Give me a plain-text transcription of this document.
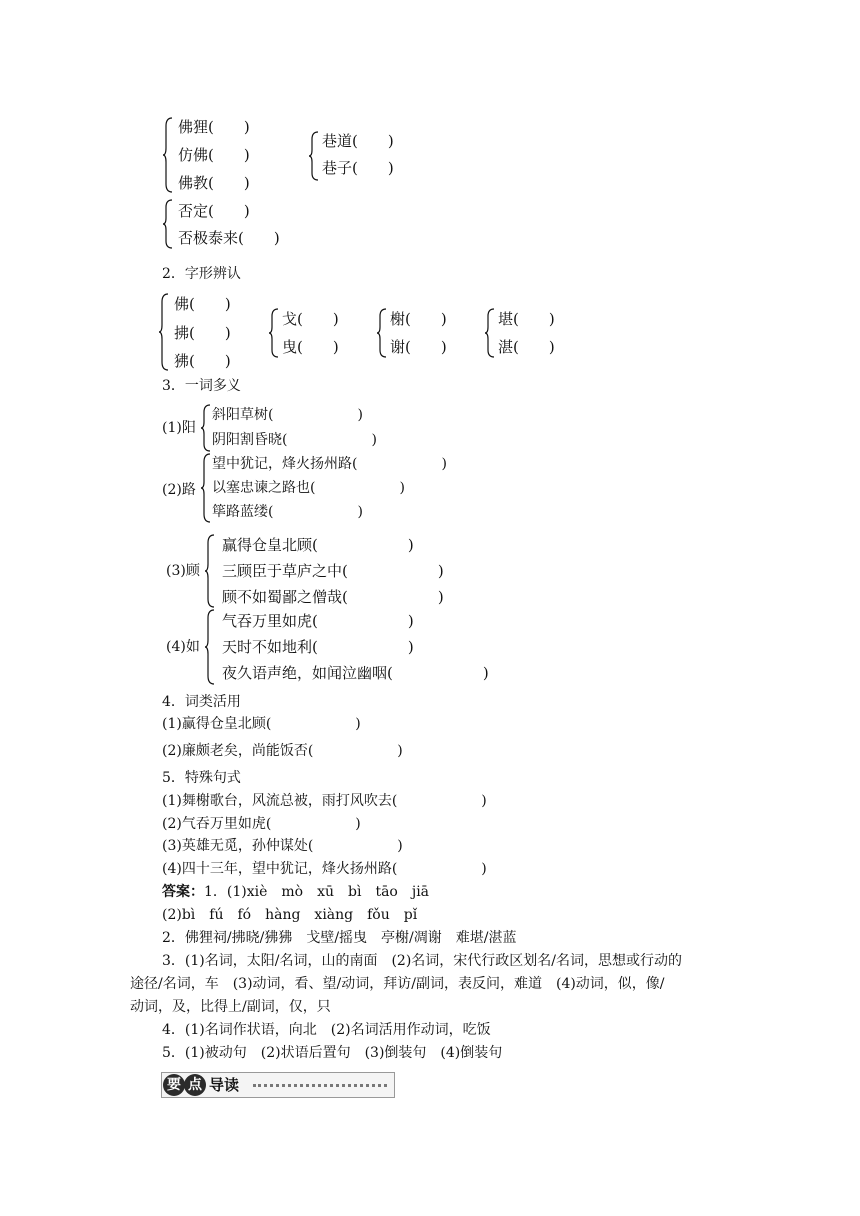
佛狸(　　)
仿佛(　　)
佛教(　　)
巷道(　　)
巷子(　　)
否定(　　)
否极泰来(　　)
2．字形辨认
佛(　　)
拂(　　)
狒(　　)
戈(　　)
曳(　　)
榭(　　)
谢(　　)
堪(　　)
湛(　　)
3．一词多义
(1)阳
斜阳草树(　　　　　　)
阴阳割昏晓(　　　　　　)
(2)路
望中犹记，烽火扬州路(　　　　　　)
以塞忠谏之路也(　　　　　　)
筚路蓝缕(　　　　　　)
(3)顾
赢得仓皇北顾(　　　　　　)
三顾臣于草庐之中(　　　　　　)
顾不如蜀鄙之僧哉(　　　　　　)
(4)如
气吞万里如虎(　　　　　　)
天时不如地利(　　　　　　)
夜久语声绝，如闻泣幽咽(　　　　　　)
4．词类活用
(1)赢得仓皇北顾(　　　　　　)
(2)廉颇老矣，尚能饭否(　　　　　　)
5．特殊句式
(1)舞榭歌台，风流总被，雨打风吹去(　　　　　　)
(2)气吞万里如虎(　　　　　　)
(3)英雄无觅，孙仲谋处(　　　　　　)
(4)四十三年，望中犹记，烽火扬州路(　　　　　　)
答案： 1．(1)xiè　mò　xū　bì　tāo　jiā
(2)bì　fú　fó　hàng　xiàng　fǒu　pǐ
2．佛狸祠/拂晓/狒狒　戈壁/摇曳　亭榭/凋谢　难堪/湛蓝
3．(1)名词，太阳/名词，山的南面　(2)名词，宋代行政区划名/名词，思想或行动的
途径/名词，车　(3)动词，看、望/动词，拜访/副词，表反问，难道　(4)动词，似，像/
动词，及，比得上/副词，仅，只
4．(1)名词作状语，向北　(2)名词活用作动词，吃饭
5．(1)被动句　(2)状语后置句　(3)倒装句　(4)倒装句
要 点 导读
